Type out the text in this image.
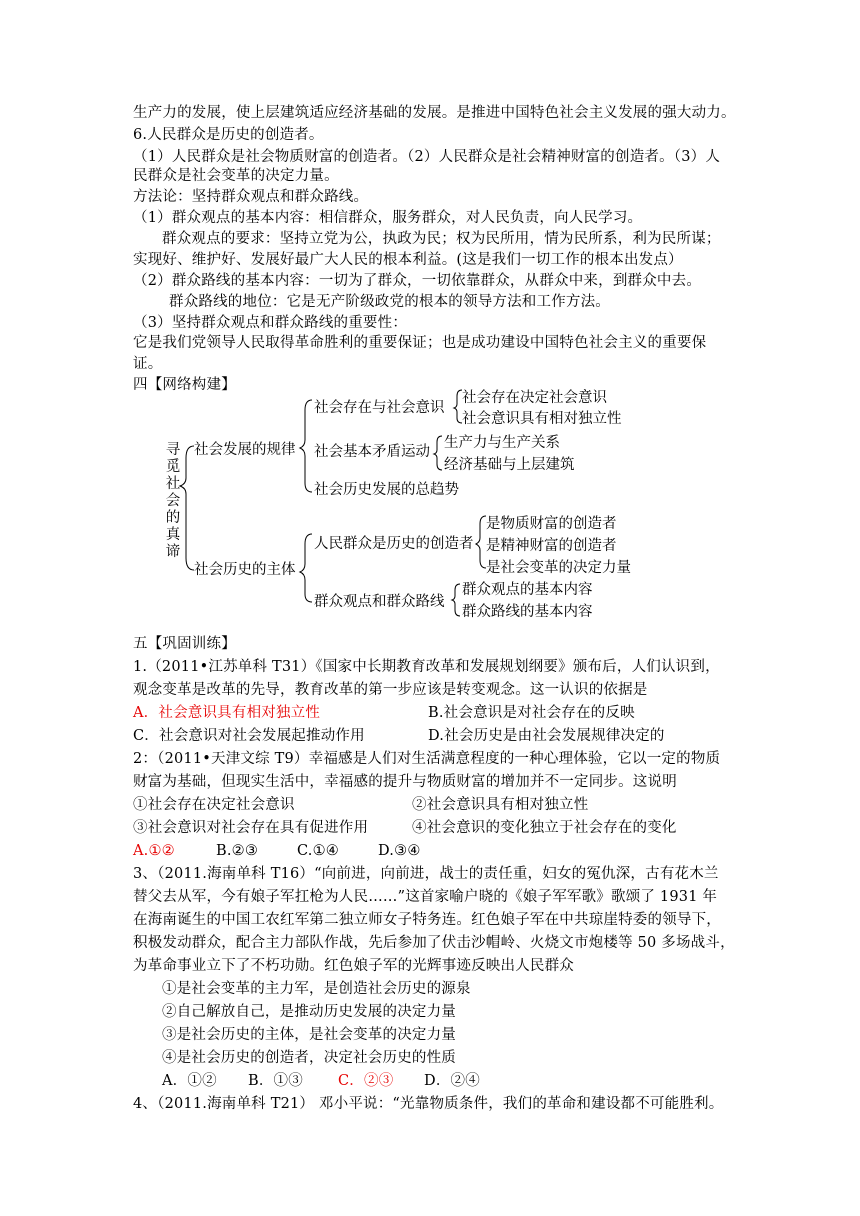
生产力的发展，使上层建筑适应经济基础的发展。是推进中国特色社会主义发展的强大动力。
6.人民群众是历史的创造者。
（1）人民群众是社会物质财富的创造者。（2）人民群众是社会精神财富的创造者。（3）人
民群众是社会变革的决定力量。
方法论：坚持群众观点和群众路线。
（1）群众观点的基本内容：相信群众，服务群众，对人民负责，向人民学习。
群众观点的要求：坚持立党为公，执政为民；权为民所用，情为民所系，利为民所谋；
实现好、维护好、发展好最广大人民的根本利益。(这是我们一切工作的根本出发点）
（2）群众路线的基本内容：一切为了群众，一切依靠群众，从群众中来，到群众中去。
群众路线的地位：它是无产阶级政党的根本的领导方法和工作方法。
（3）坚持群众观点和群众路线的重要性：
它是我们党领导人民取得革命胜利的重要保证；也是成功建设中国特色社会主义的重要保
证。
四【网络构建】
寻觅社会的真谛
社会发展的规律
社会存在与社会意识
社会存在决定社会意识
社会意识具有相对独立性
社会基本矛盾运动
生产力与生产关系
经济基础与上层建筑
社会历史发展的总趋势
社会历史的主体
人民群众是历史的创造者
是物质财富的创造者
是精神财富的创造者
是社会变革的决定力量
群众观点和群众路线
群众观点的基本内容
群众路线的基本内容
五【巩固训练】
1.（2011•江苏单科 T31）《国家中长期教育改革和发展规划纲要》颁布后，人们认识到，
观念变革是改革的先导，教育改革的第一步应该是转变观念。这一认识的依据是
A．社会意识具有相对独立性	B.社会意识是对社会存在的反映
C．社会意识对社会发展起推动作用	D.社会历史是由社会发展规律决定的
2：（2011•天津文综 T9）幸福感是人们对生活满意程度的一种心理体验，它以一定的物质
财富为基础，但现实生活中，幸福感的提升与物质财富的增加并不一定同步。这说明
①社会存在决定社会意识	②社会意识具有相对独立性
③社会意识对社会存在具有促进作用	④社会意识的变化独立于社会存在的变化
A.①②	B.②③	C.①④	D.③④
3、（2011.海南单科 T16）“向前进，向前进，战士的责任重，妇女的冤仇深，古有花木兰
替父去从军，今有娘子军扛枪为人民……”这首家喻户晓的《娘子军军歌》歌颂了 1931 年
在海南诞生的中国工农红军第二独立师女子特务连。红色娘子军在中共琼崖特委的领导下，
积极发动群众，配合主力部队作战，先后参加了伏击沙帽岭、火烧文市炮楼等 50 多场战斗，
为革命事业立下了不朽功勋。红色娘子军的光辉事迹反映出人民群众
①是社会变革的主力军，是创造社会历史的源泉
②自己解放自己，是推动历史发展的决定力量
③是社会历史的主体，是社会变革的决定力量
④是社会历史的创造者，决定社会历史的性质
A．①② B．①③ C．②③ D．②④
4、（2011.海南单科 T21） 邓小平说：“光靠物质条件，我们的革命和建设都不可能胜利。
